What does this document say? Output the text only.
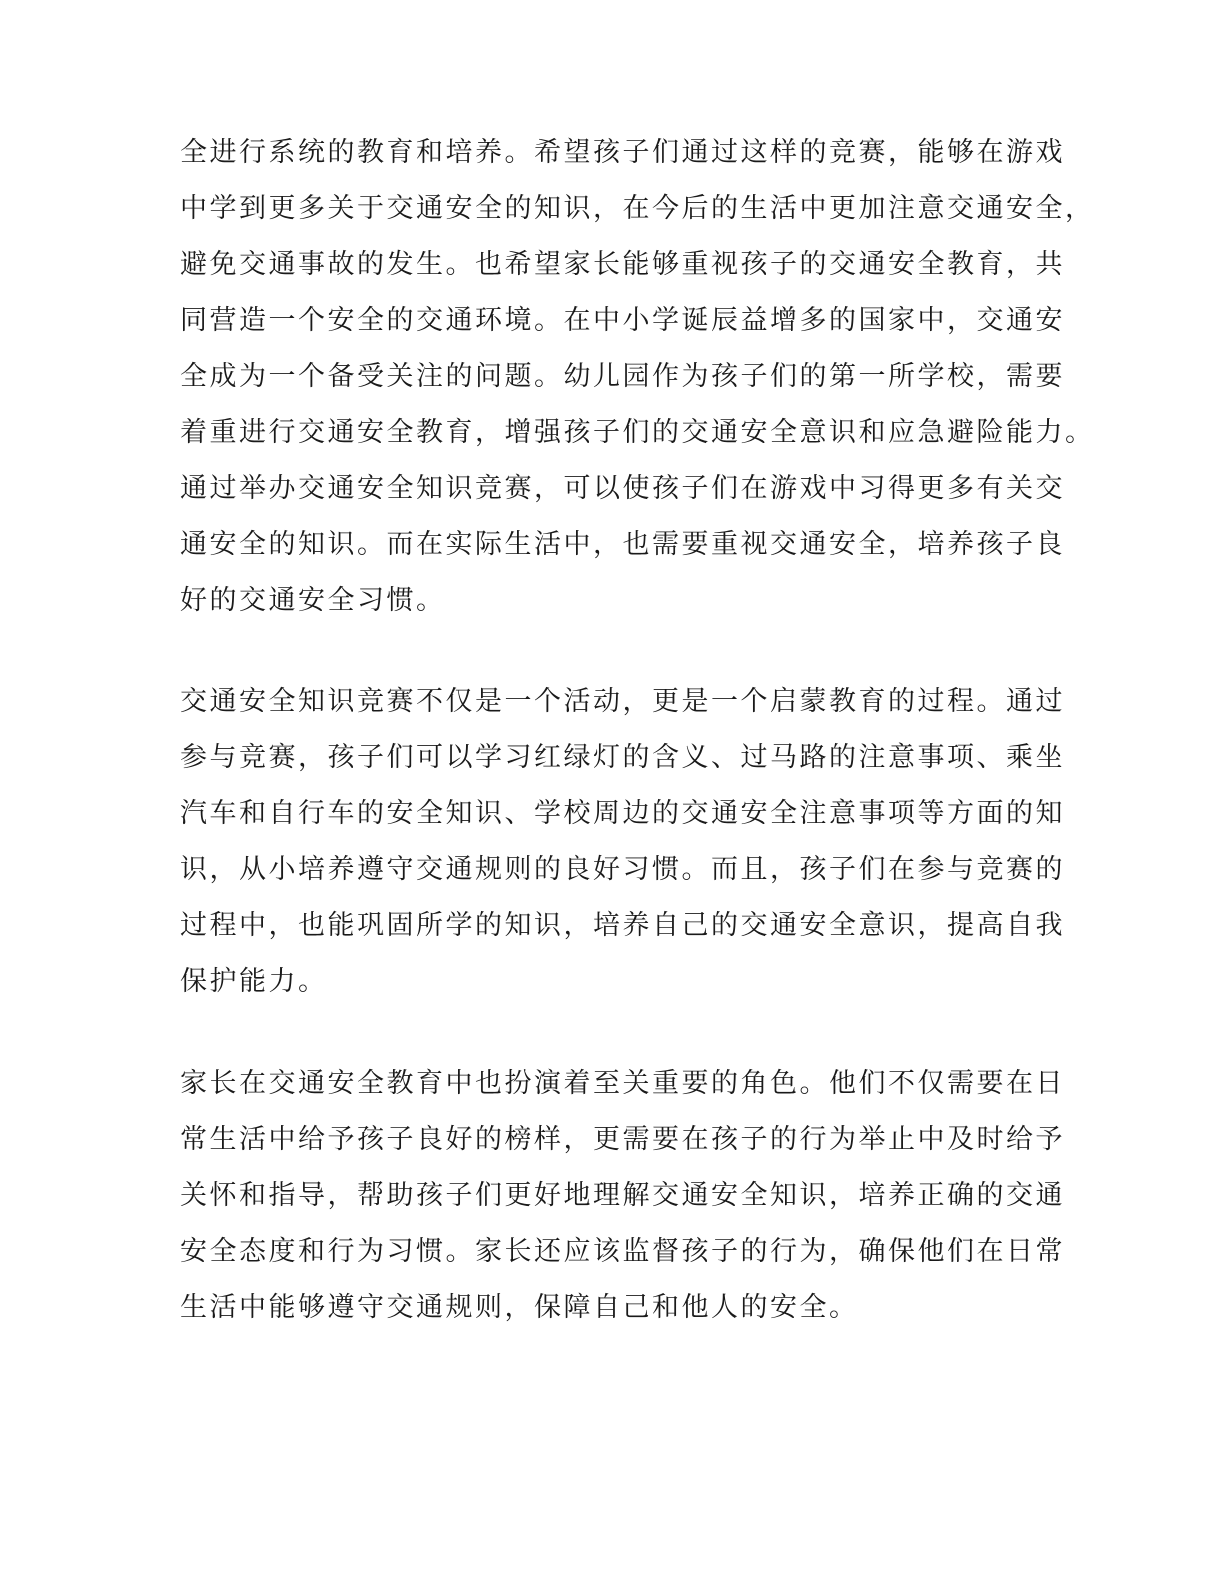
全进行系统的教育和培养。希望孩子们通过这样的竞赛，能够在游戏
中学到更多关于交通安全的知识，在今后的生活中更加注意交通安全，
避免交通事故的发生。也希望家长能够重视孩子的交通安全教育，共
同营造一个安全的交通环境。在中小学诞辰益增多的国家中，交通安
全成为一个备受关注的问题。幼儿园作为孩子们的第一所学校，需要
着重进行交通安全教育，增强孩子们的交通安全意识和应急避险能力。
通过举办交通安全知识竞赛，可以使孩子们在游戏中习得更多有关交
通安全的知识。而在实际生活中，也需要重视交通安全，培养孩子良
好的交通安全习惯。
交通安全知识竞赛不仅是一个活动，更是一个启蒙教育的过程。通过
参与竞赛，孩子们可以学习红绿灯的含义、过马路的注意事项、乘坐
汽车和自行车的安全知识、学校周边的交通安全注意事项等方面的知
识，从小培养遵守交通规则的良好习惯。而且，孩子们在参与竞赛的
过程中，也能巩固所学的知识，培养自己的交通安全意识，提高自我
保护能力。
家长在交通安全教育中也扮演着至关重要的角色。他们不仅需要在日
常生活中给予孩子良好的榜样，更需要在孩子的行为举止中及时给予
关怀和指导，帮助孩子们更好地理解交通安全知识，培养正确的交通
安全态度和行为习惯。家长还应该监督孩子的行为，确保他们在日常
生活中能够遵守交通规则，保障自己和他人的安全。
